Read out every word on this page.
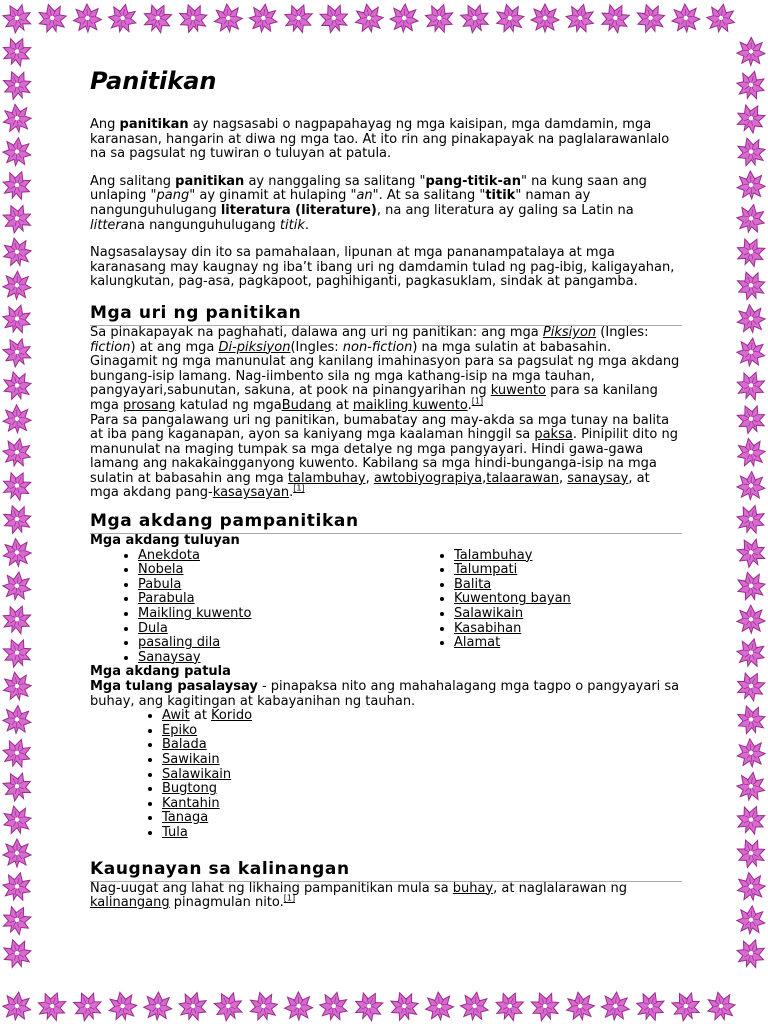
Panitikan

Ang panitikan ay nagsasabi o nagpapahayag ng mga kaisipan, mga damdamin, mga karanasan, hangarin at diwa ng mga tao. At ito rin ang pinakapayak na paglalarawanlalo na sa pagsulat ng tuwiran o tuluyan at patula.

Ang salitang panitikan ay nanggaling sa salitang "pang-titik-an" na kung saan ang unlaping "pang" ay ginamit at hulaping "an". At sa salitang "titik" naman ay nangunguhulugang literatura (literature), na ang literatura ay galing sa Latin na litterana nangunguhulugang titik.

Nagsasalaysay din ito sa pamahalaan, lipunan at mga pananampatalaya at mga karanasang may kaugnay ng iba’t ibang uri ng damdamin tulad ng pag-ibig, kaligayahan, kalungkutan, pag-asa, pagkapoot, paghihiganti, pagkasuklam, sindak at pangamba.

Mga uri ng panitikan
Sa pinakapayak na paghahati, dalawa ang uri ng panitikan: ang mga Piksiyon (Ingles: fiction) at ang mga Di-piksiyon(Ingles: non-fiction) na mga sulatin at babasahin. Ginagamit ng mga manunulat ang kanilang imahinasyon para sa pagsulat ng mga akdang bungang-isip lamang. Nag-iimbento sila ng mga kathang-isip na mga tauhan, pangyayari,sabunutan, sakuna, at pook na pinangyarihan ng kuwento para sa kanilang mga prosang katulad ng mgaBudang at maikling kuwento.[1]
Para sa pangalawang uri ng panitikan, bumabatay ang may-akda sa mga tunay na balita at iba pang kaganapan, ayon sa kaniyang mga kaalaman hinggil sa paksa. Pinipilit dito ng manunulat na maging tumpak sa mga detalye ng mga pangyayari. Hindi gawa-gawa lamang ang nakakaingganyong kuwento. Kabilang sa mga hindi-bunganga-isip na mga sulatin at babasahin ang mga talambuhay, awtobiyograpiya,talaarawan, sanaysay, at mga akdang pang-kasaysayan.[1]
Mga akdang pampanitikan
Mga akdang tuluyan
• Anekdota
• Nobela
• Pabula
• Parabula
• Maikling kuwento
• Dula
• pasaling dila
• Sanaysay
• Talambuhay
• Talumpati
• Balita
• Kuwentong bayan
• Salawikain
• Kasabihan
• Alamat
Mga akdang patula
Mga tulang pasalaysay - pinapaksa nito ang mahahalagang mga tagpo o pangyayari sa buhay, ang kagitingan at kabayanihan ng tauhan.
• Awit at Korido
• Epiko
• Balada
• Sawikain
• Salawikain
• Bugtong
• Kantahin
• Tanaga
• Tula
Kaugnayan sa kalinangan
Nag-uugat ang lahat ng likhaing pampanitikan mula sa buhay, at naglalarawan ng kalinangang pinagmulan nito.[1]
